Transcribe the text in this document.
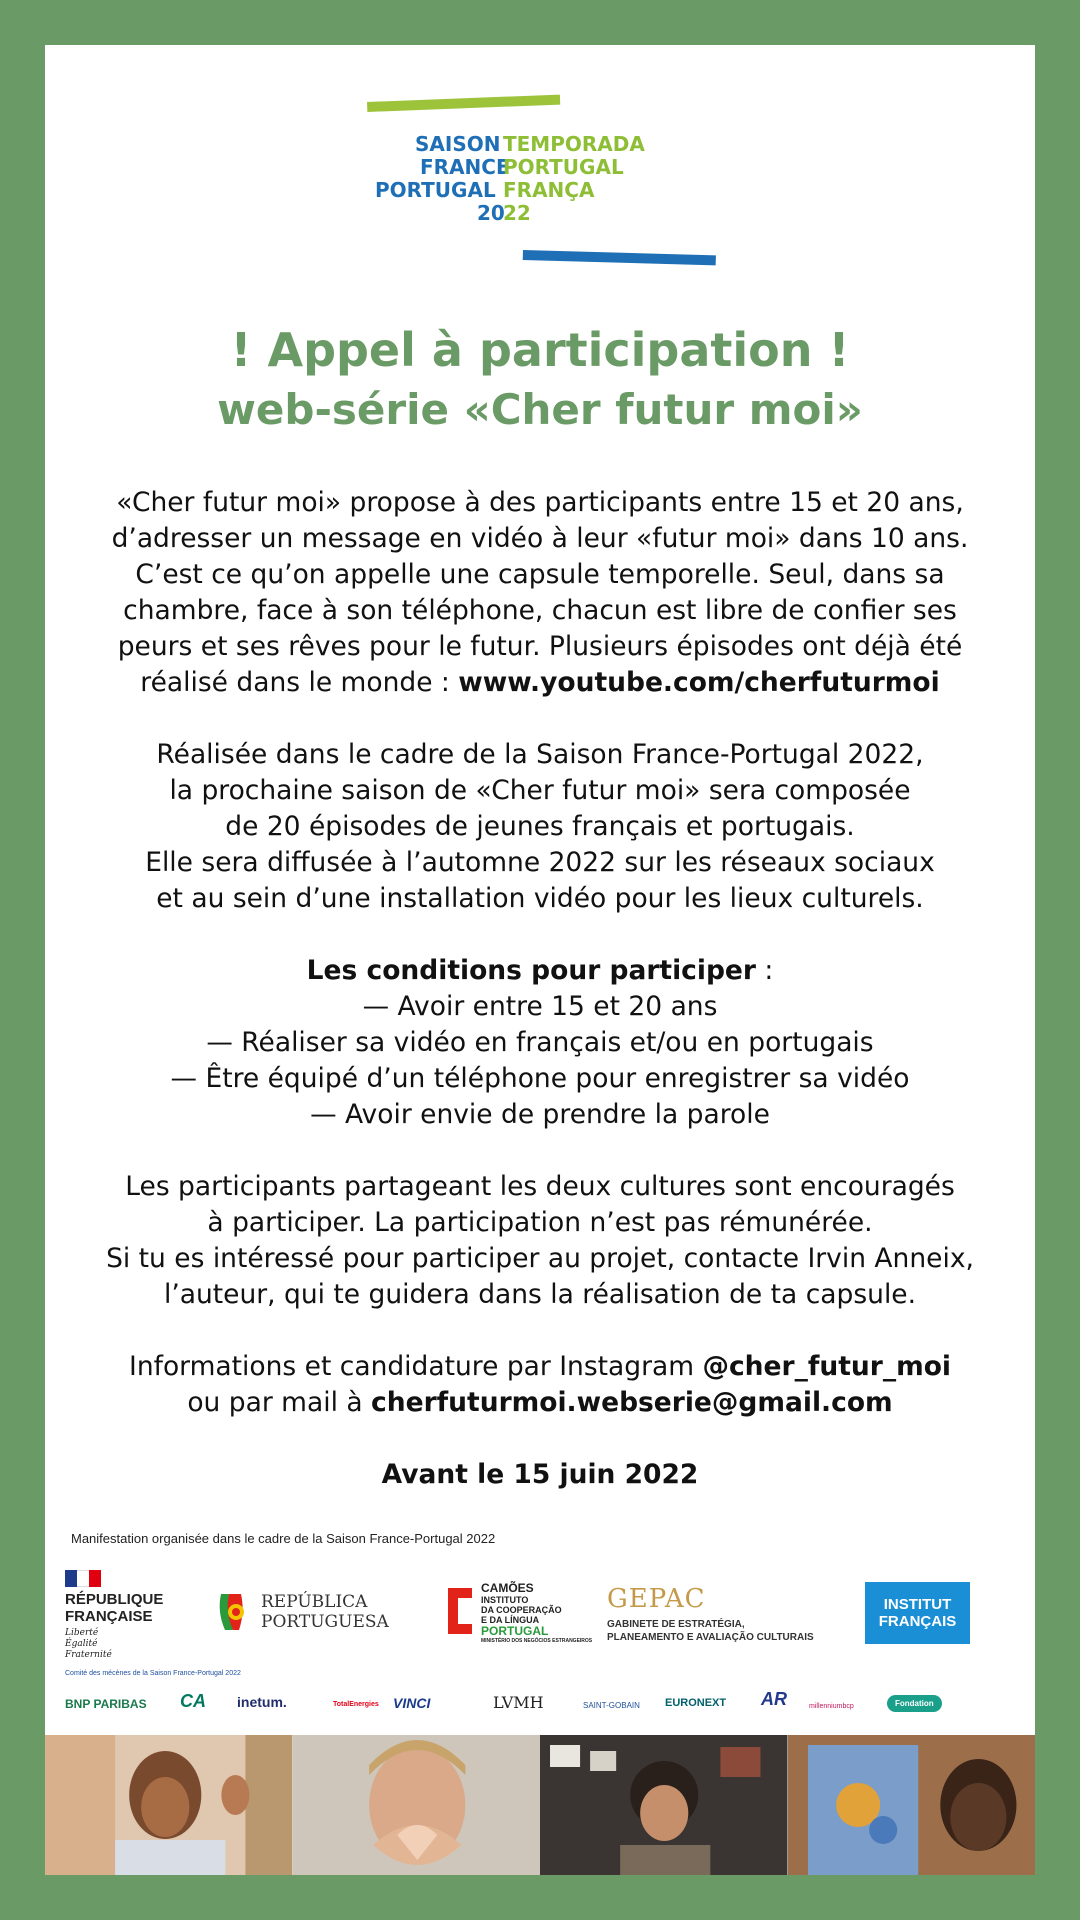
SAISON TEMPORADA
FRANCE
PORTUGAL
PORTUGAL FRANÇA
20
22
! Appel à participation !
web-série «Cher futur moi»

«Cher futur moi» propose à des participants entre 15 et 20 ans,
d’adresser un message en vidéo à leur «futur moi» dans 10 ans.
C’est ce qu’on appelle une capsule temporelle. Seul, dans sa
chambre, face à son téléphone, chacun est libre de confier ses
peurs et ses rêves pour le futur. Plusieurs épisodes ont déjà été
réalisé dans le monde : www.youtube.com/cherfuturmoi

Réalisée dans le cadre de la Saison France-Portugal 2022,
la prochaine saison de «Cher futur moi» sera composée
de 20 épisodes de jeunes français et portugais.
Elle sera diffusée à l’automne 2022 sur les réseaux sociaux
et au sein d’une installation vidéo pour les lieux culturels.

Les conditions pour participer :
— Avoir entre 15 et 20 ans
— Réaliser sa vidéo en français et/ou en portugais
— Être équipé d’un téléphone pour enregistrer sa vidéo
— Avoir envie de prendre la parole

Les participants partageant les deux cultures sont encouragés
à participer. La participation n’est pas rémunérée.
Si tu es intéressé pour participer au projet, contacte Irvin Anneix,
l’auteur, qui te guidera dans la réalisation de ta capsule.

Informations et candidature par Instagram @cher_futur_moi
ou par mail à cherfuturmoi.webserie@gmail.com

Avant le 15 juin 2022

Manifestation organisée dans le cadre de la Saison France-Portugal 2022
RÉPUBLIQUE
FRANÇAISE
Liberté
Égalité
Fraternité
REPÚBLICA
PORTUGUESA
CAMÕES
INSTITUTO
DA COOPERAÇÃO
E DA LÍNGUA
PORTUGAL
MINISTÉRIO DOS NEGÓCIOS ESTRANGEIROS
GEPAC
GABINETE DE ESTRATÉGIA,
PLANEAMENTO E AVALIAÇÃO CULTURAIS
INSTITUT
FRANÇAIS
Comité des mécènes de la Saison France-Portugal 2022
BNP PARIBAS CA inetum.	TotalEnergies VINCI	LVMH	SAINT-GOBAIN EURONEXT AR	millenniumbcp	Fondation
